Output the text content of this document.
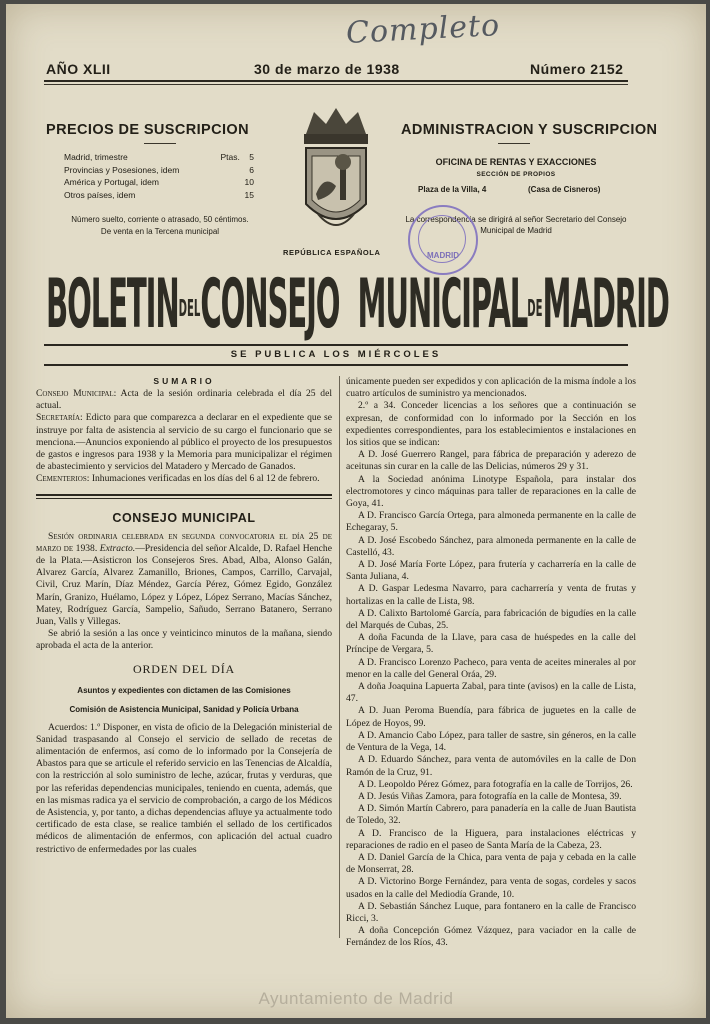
Completo
AÑO XLII	30 de marzo de 1938	Número 2152
PRECIOS DE SUSCRIPCION
Madrid, trimestre	Ptas. 5
Provincias y Posesiones, idem	6
América y Portugal, idem	10
Otros países, idem	15
Número suelto, corriente o atrasado, 50 céntimos.
De venta en la Tercena municipal
REPÚBLICA ESPAÑOLA
ADMINISTRACION Y SUSCRIPCION
OFICINA DE RENTAS Y EXACCIONES
SECCIÓN DE PROPIOS
Plaza de la Villa, 4	(Casa de Cisneros)
La correspondencia se dirigirá al señor Secretario del Consejo Municipal de Madrid
MADRID
BOLETINDELCONSEJO MUNICIPALDEMADRID
SE PUBLICA LOS MIÉRCOLES
SUMARIO

Consejo Municipal: Acta de la sesión ordinaria celebrada el día 25 del actual.

Secretaría: Edicto para que comparezca a declarar en el expediente que se instruye por falta de asistencia al servicio de su cargo el funcionario que se menciona.—Anuncios exponiendo al público el proyecto de los presupuestos de gastos e ingresos para 1938 y la Memoria para municipalizar el régimen de abastecimiento y servicios del Matadero y Mercado de Ganados.

Cementerios: Inhumaciones verificadas en los días del 6 al 12 de febrero.

CONSEJO MUNICIPAL

Sesión ordinaria celebrada en segunda convocatoria el día 25 de marzo de 1938. Extracto.—Presidencia del señor Alcalde, D. Rafael Henche de la Plata.—Asisticron los Consejeros Sres. Abad, Alba, Alonso Galán, Alvarez García, Alvarez Zamanillo, Briones, Campos, Carrillo, Carvajal, Civil, Cruz Marín, Díaz Méndez, García Pérez, Gómez Egido, González Marín, Granizo, Huélamo, López y López, López Serrano, Macías Sánchez, Matey, Rodríguez García, Sampelio, Sañudo, Serrano Batanero, Serrano Juan, Valls y Villegas.

Se abrió la sesión a las once y veinticinco minutos de la mañana, siendo aprobada el acta de la anterior.

ORDEN DEL DÍA
Asuntos y expedientes con dictamen de las Comisiones
Comisión de Asistencia Municipal, Sanidad y Policía Urbana

Acuerdos: 1.º Disponer, en vista de oficio de la Delegación ministerial de Sanidad traspasando al Consejo el servicio de sellado de recetas de alimentación de enfermos, así como de lo informado por la Consejería de Abastos para que se articule el referido servicio en las Tenencias de Alcaldía, con la restricción al solo suministro de leche, azúcar, frutas y verduras, que por las referidas dependencias municipales, teniendo en cuenta, además, que en las mismas radica ya el servicio de comprobación, a cargo de los Médicos de Asistencia, y, por tanto, a dichas dependencias afluye ya actualmente todo certificado de esta clase, se realice también el sellado de los certificados médicos de alimentación de enfermos, con aplicación del actual cuadro restrictivo de enfermedades por las cuales

únicamente pueden ser expedidos y con aplicación de la misma índole a los cuatro artículos de suministro ya mencionados.

2.º a 34. Conceder licencias a los señores que a continuación se expresan, de conformidad con lo informado por la Sección en los expedientes correspondientes, para los establecimientos e instalaciones en los sitios que se indican:

A D. José Guerrero Rangel, para fábrica de preparación y aderezo de aceitunas sin curar en la calle de las Delicias, números 29 y 31.

A la Sociedad anónima Linotype Española, para instalar dos electromotores y cinco máquinas para taller de reparaciones en la calle de Goya, 41.

A D. Francisco García Ortega, para almoneda permanente en la calle de Echegaray, 5.

A D. José Escobedo Sánchez, para almoneda permanente en la calle de Castelló, 43.

A D. José María Forte López, para frutería y cacharrería en la calle de Santa Juliana, 4.

A D. Gaspar Ledesma Navarro, para cacharrería y venta de frutas y hortalizas en la calle de Lista, 98.

A D. Calixto Bartolomé García, para fabricación de bigudíes en la calle del Marqués de Cubas, 25.

A doña Facunda de la Llave, para casa de huéspedes en la calle del Príncipe de Vergara, 5.

A D. Francisco Lorenzo Pacheco, para venta de aceites minerales al por menor en la calle del General Oráa, 29.

A doña Joaquina Lapuerta Zabal, para tinte (avisos) en la calle de Lista, 47.

A D. Juan Peroma Buendía, para fábrica de juguetes en la calle de López de Hoyos, 99.

A D. Amancio Cabo López, para taller de sastre, sin géneros, en la calle de Ventura de la Vega, 14.

A D. Eduardo Sánchez, para venta de automóviles en la calle de Don Ramón de la Cruz, 91.

A D. Leopoldo Pérez Gómez, para fotografía en la calle de Torrijos, 26.

A D. Jesús Viñas Zamora, para fotografía en la calle de Montesa, 39.

A D. Simón Martín Cabrero, para panadería en la calle de Juan Bautista de Toledo, 32.

A D. Francisco de la Higuera, para instalaciones eléctricas y reparaciones de radio en el paseo de Santa María de la Cabeza, 23.

A D. Daniel García de la Chica, para venta de paja y cebada en la calle de Monserrat, 28.

A D. Victorino Borge Fernández, para venta de sogas, cordeles y sacos usados en la calle del Mediodía Grande, 10.

A D. Sebastián Sánchez Luque, para fontanero en la calle de Francisco Ricci, 3.

A doña Concepción Gómez Vázquez, para vaciador en la calle de Fernández de los Ríos, 43.

Ayuntamiento de Madrid
